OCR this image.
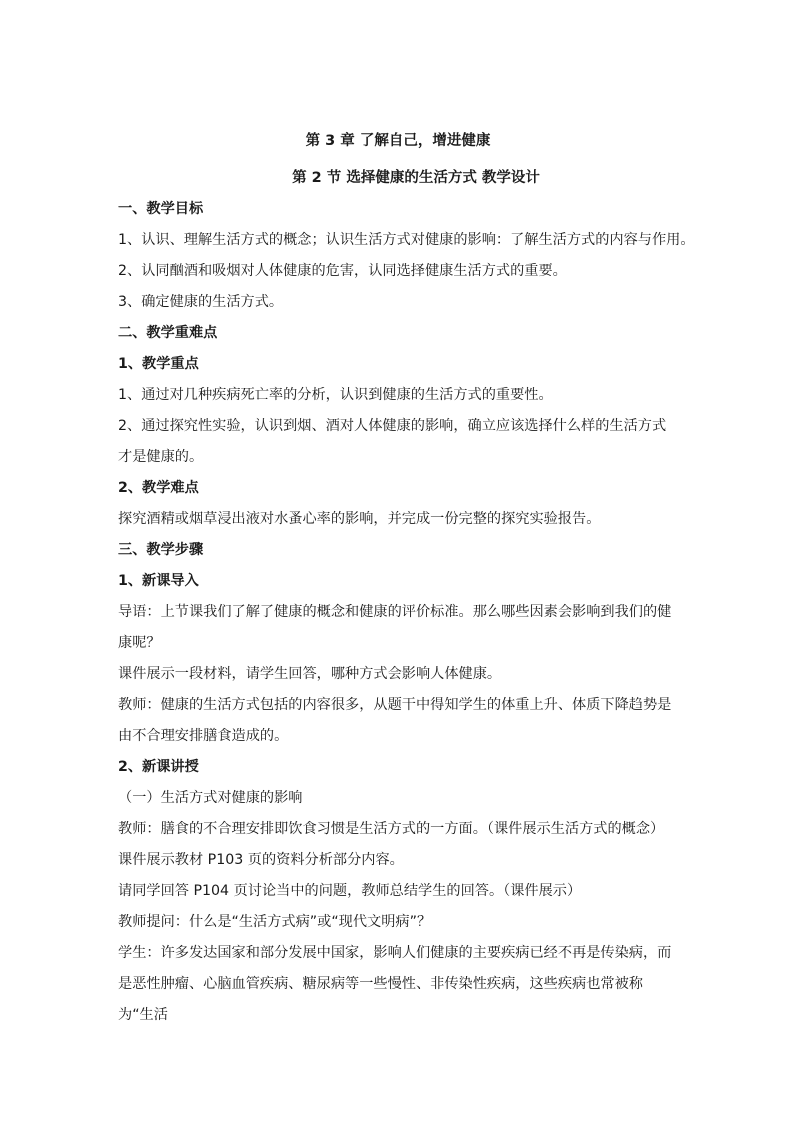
第 3 章 了解自己，增进健康

第 2 节 选择健康的生活方式 教学设计

一、教学目标

1、认识、理解生活方式的概念；认识生活方式对健康的影响：了解生活方式的内容与作用。

2、认同酗酒和吸烟对人体健康的危害，认同选择健康生活方式的重要。

3、确定健康的生活方式。

二、教学重难点

1、教学重点

1、通过对几种疾病死亡率的分析，认识到健康的生活方式的重要性。

2、通过探究性实验，认识到烟、酒对人体健康的影响，确立应该选择什么样的生活方式才是健康的。

2、教学难点

探究酒精或烟草浸出液对水蚤心率的影响，并完成一份完整的探究实验报告。

三、教学步骤

1、新课导入

导语：上节课我们了解了健康的概念和健康的评价标准。那么哪些因素会影响到我们的健康呢？

课件展示一段材料，请学生回答，哪种方式会影响人体健康。

教师：健康的生活方式包括的内容很多，从题干中得知学生的体重上升、体质下降趋势是由不合理安排膳食造成的。

2、新课讲授

（一）生活方式对健康的影响

教师：膳食的不合理安排即饮食习惯是生活方式的一方面。（课件展示生活方式的概念）

课件展示教材 P103 页的资料分析部分内容。

请同学回答 P104 页讨论当中的问题，教师总结学生的回答。（课件展示）

教师提问：什么是“生活方式病”或“现代文明病”？

学生：许多发达国家和部分发展中国家，影响人们健康的主要疾病已经不再是传染病，而是恶性肿瘤、心脑血管疾病、糖尿病等一些慢性、非传染性疾病，这些疾病也常被称为“生活
